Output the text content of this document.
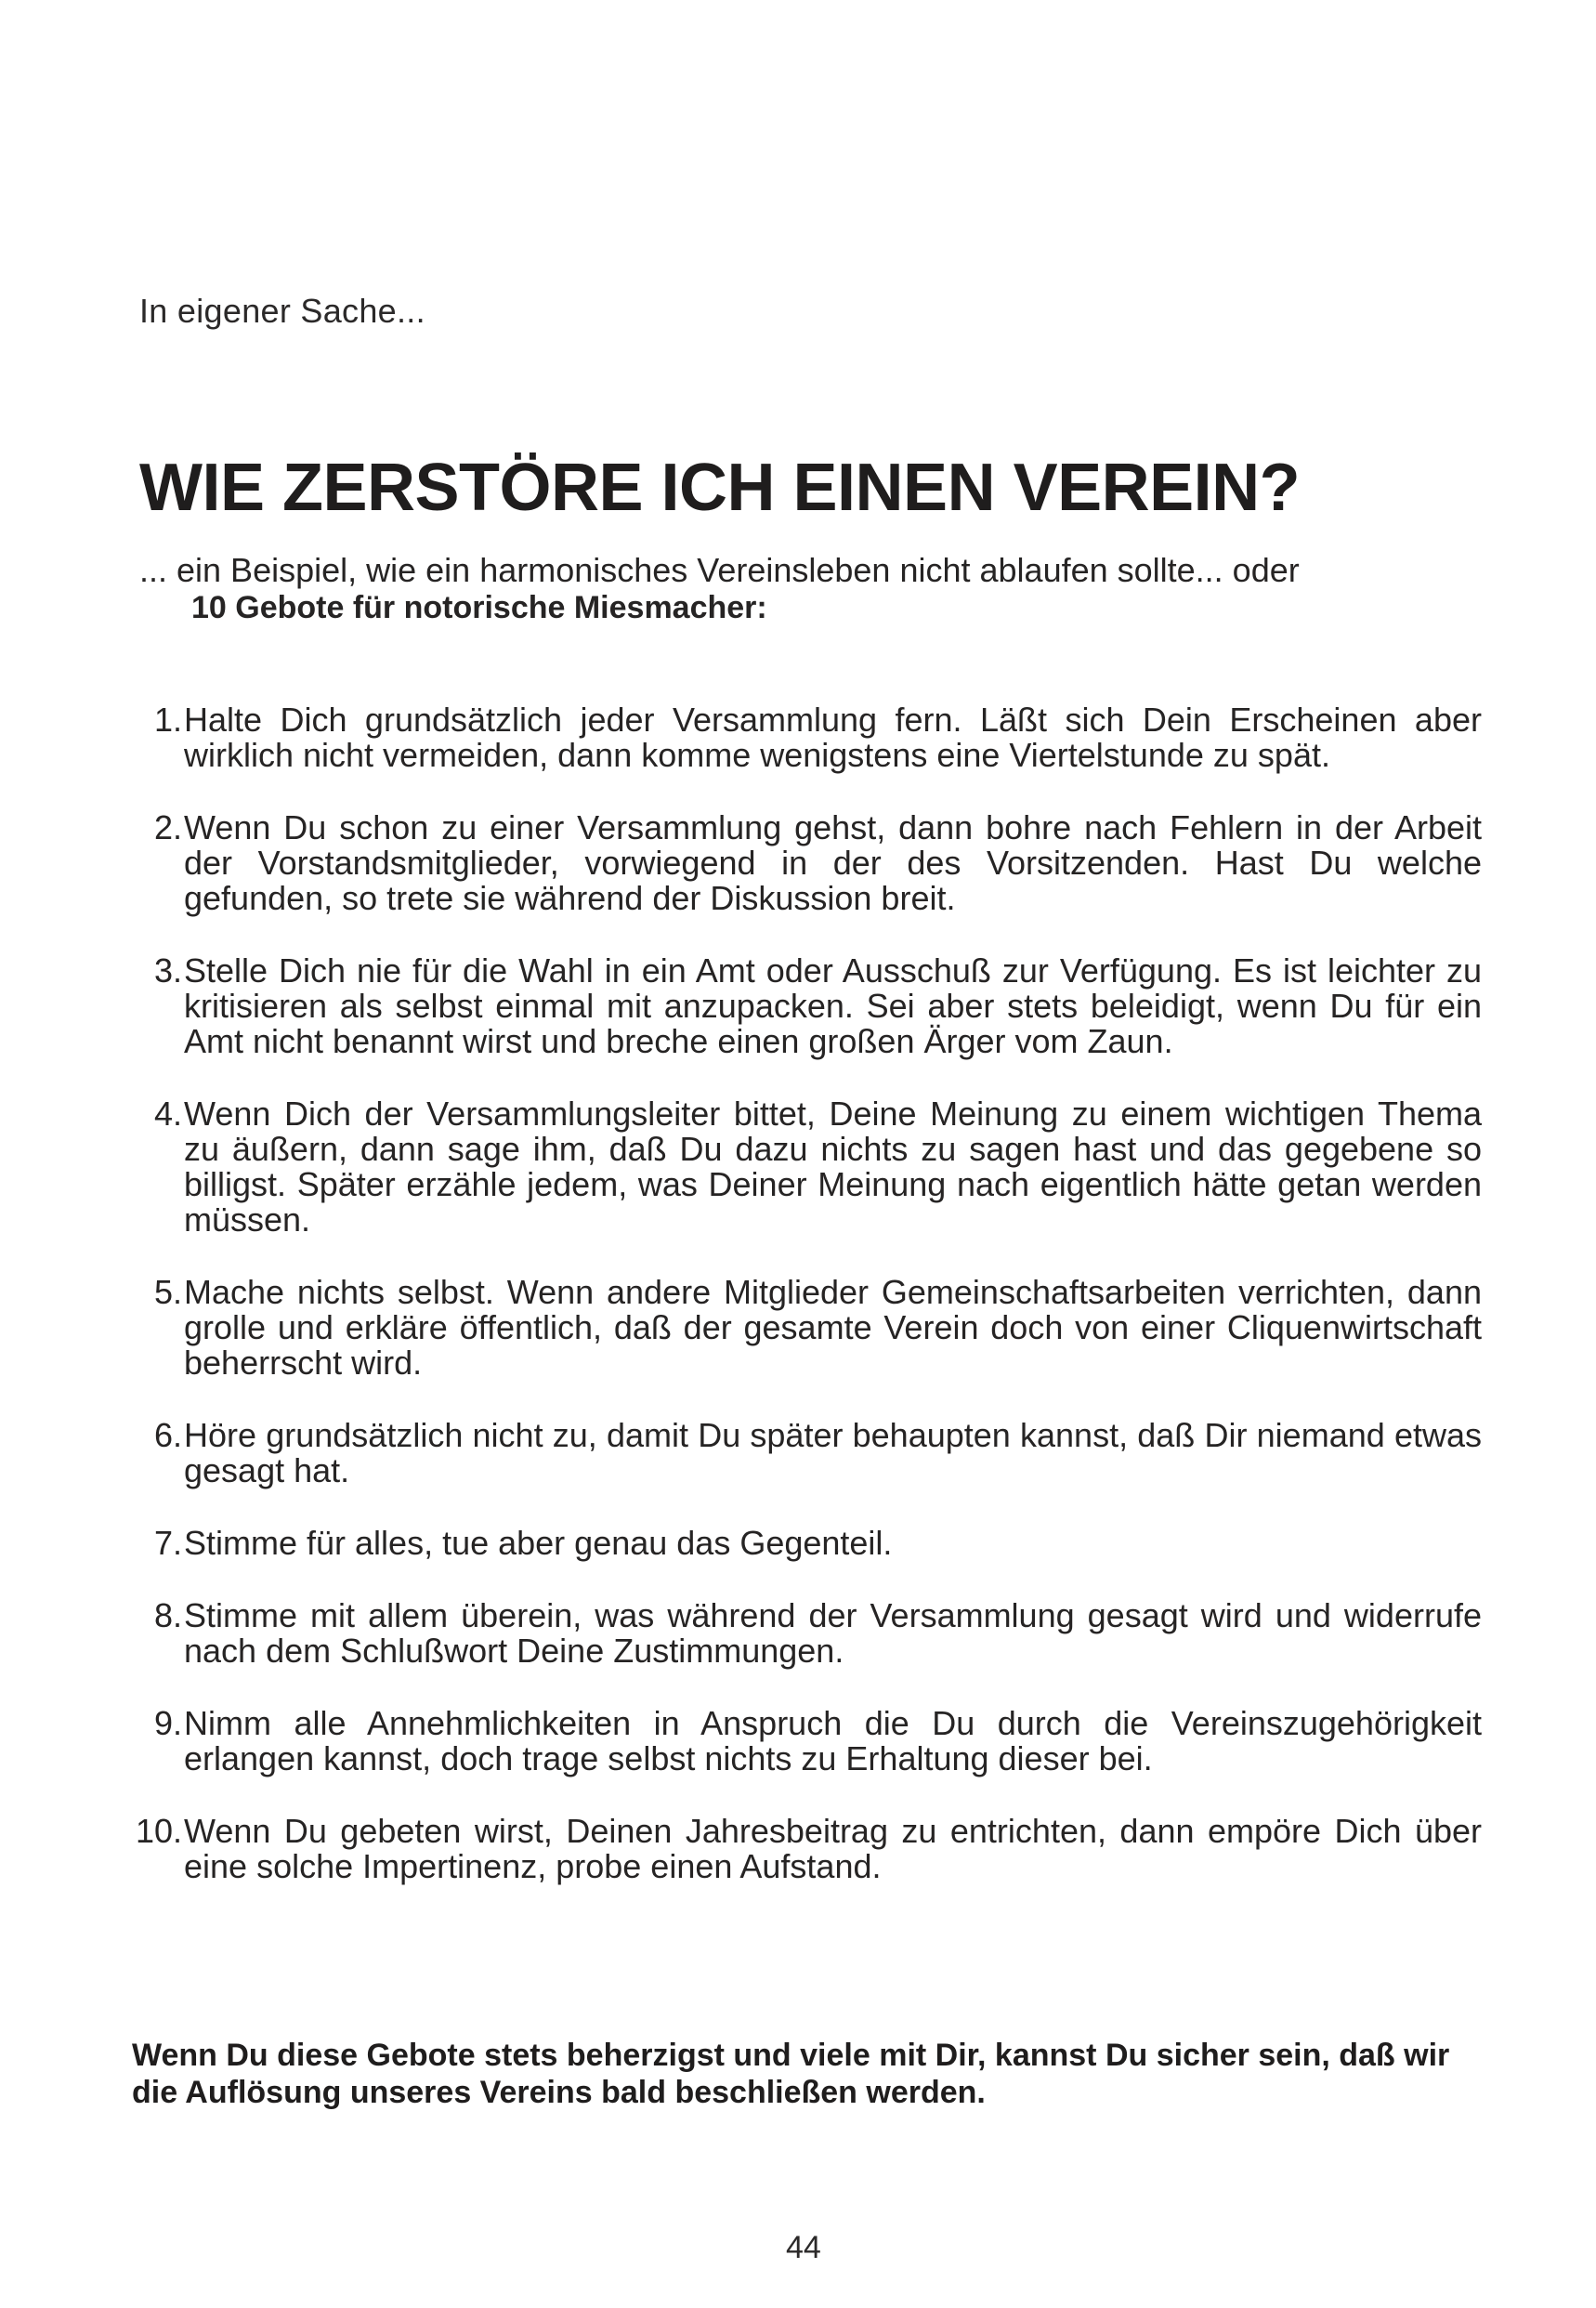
In eigener Sache...
WIE ZERSTÖRE ICH EINEN VEREIN?
... ein Beispiel, wie ein harmonisches Vereinsleben nicht ablaufen sollte... oder
10 Gebote für notorische Miesmacher:
1. Halte Dich grundsätzlich jeder Versammlung fern. Läßt sich Dein Erscheinen aber wirklich nicht vermeiden, dann komme wenigstens eine Viertelstunde zu spät.
2. Wenn Du schon zu einer Versammlung gehst, dann bohre nach Fehlern in der Arbeit der Vorstandsmitglieder, vorwiegend in der des Vorsitzenden. Hast Du welche gefunden, so trete sie während der Diskussion breit.
3. Stelle Dich nie für die Wahl in ein Amt oder Ausschuß zur Verfügung. Es ist leichter zu kritisieren als selbst einmal mit anzupacken. Sei aber stets beleidigt, wenn Du für ein Amt nicht benannt wirst und breche einen großen Ärger vom Zaun.
4. Wenn Dich der Versammlungsleiter bittet, Deine Meinung zu einem wichtigen Thema zu äußern, dann sage ihm, daß Du dazu nichts zu sagen hast und das gegebene so billigst. Später erzähle jedem, was Deiner Meinung nach eigentlich hätte getan werden müssen.
5. Mache nichts selbst. Wenn andere Mitglieder Gemeinschaftsarbeiten verrichten, dann grolle und erkläre öffentlich, daß der gesamte Verein doch von einer Cliquenwirtschaft beherrscht wird.
6. Höre grundsätzlich nicht zu, damit Du später behaupten kannst, daß Dir niemand etwas gesagt hat.
7. Stimme für alles, tue aber genau das Gegenteil.
8. Stimme mit allem überein, was während der Versammlung gesagt wird und widerrufe nach dem Schlußwort Deine Zustimmungen.
9. Nimm alle Annehmlichkeiten in Anspruch die Du durch die Vereinszugehörigkeit erlangen kannst, doch trage selbst nichts zu Erhaltung dieser bei.
10. Wenn Du gebeten wirst, Deinen Jahresbeitrag zu entrichten, dann empöre Dich über eine solche Impertinenz, probe einen Aufstand.
Wenn Du diese Gebote stets beherzigst und viele mit Dir, kannst Du sicher sein, daß wir die Auflösung unseres Vereins bald beschließen werden.
44
